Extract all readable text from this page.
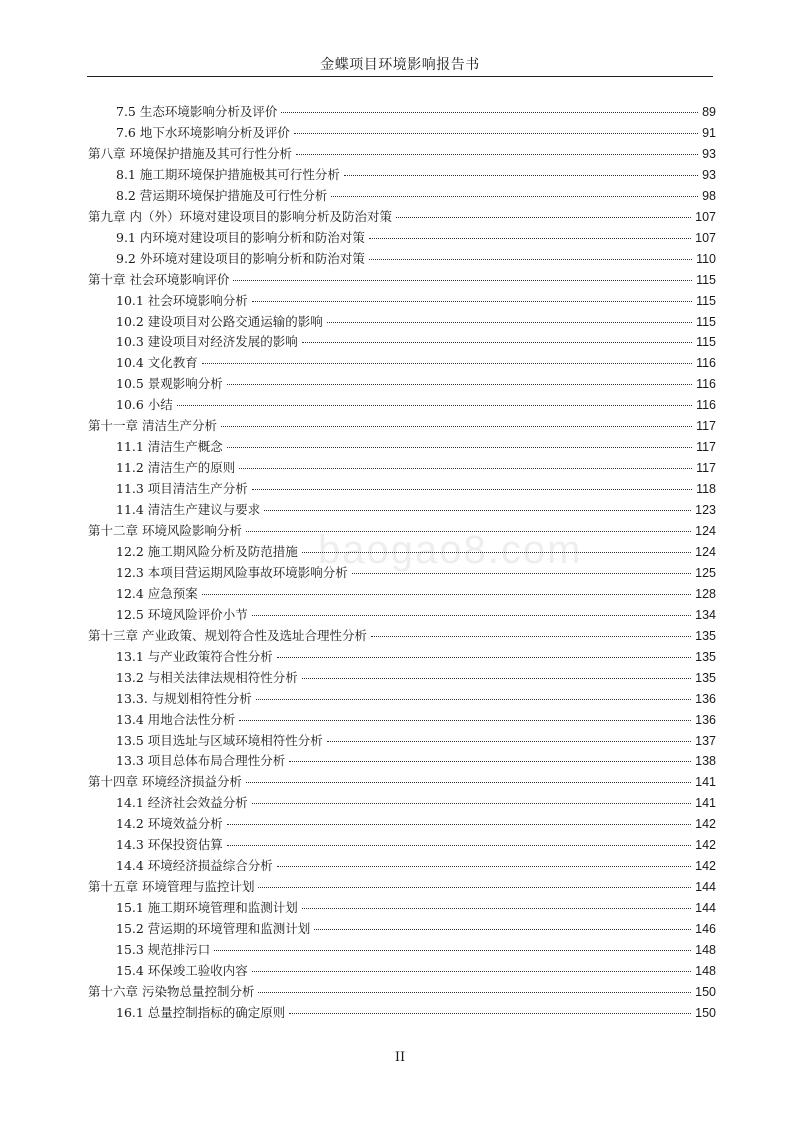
金蝶项目环境影响报告书
baogao8.com
7.5 生态环境影响分析及评价	89
7.6 地下水环境影响分析及评价	91
第八章 环境保护措施及其可行性分析	93
8.1 施工期环境保护措施极其可行性分析	93
8.2 营运期环境保护措施及可行性分析	98
第九章 内（外）环境对建设项目的影响分析及防治对策	107
9.1 内环境对建设项目的影响分析和防治对策	107
9.2 外环境对建设项目的影响分析和防治对策	110
第十章 社会环境影响评价	115
10.1 社会环境影响分析	115
10.2 建设项目对公路交通运输的影响	115
10.3 建设项目对经济发展的影响	115
10.4 文化教育	116
10.5 景观影响分析	116
10.6 小结	116
第十一章 清洁生产分析	117
11.1 清洁生产概念	117
11.2 清洁生产的原则	117
11.3 项目清洁生产分析	118
11.4 清洁生产建议与要求	123
第十二章 环境风险影响分析	124
12.2 施工期风险分析及防范措施	124
12.3 本项目营运期风险事故环境影响分析	125
12.4 应急预案	128
12.5 环境风险评价小节	134
第十三章 产业政策、规划符合性及选址合理性分析	135
13.1 与产业政策符合性分析	135
13.2 与相关法律法规相符性分析	135
13.3. 与规划相符性分析	136
13.4 用地合法性分析	136
13.5 项目选址与区域环境相符性分析	137
13.3 项目总体布局合理性分析	138
第十四章 环境经济损益分析	141
14.1 经济社会效益分析	141
14.2 环境效益分析	142
14.3 环保投资估算	142
14.4 环境经济损益综合分析	142
第十五章 环境管理与监控计划	144
15.1 施工期环境管理和监测计划	144
15.2 营运期的环境管理和监测计划	146
15.3 规范排污口	148
15.4 环保竣工验收内容	148
第十六章 污染物总量控制分析	150
16.1 总量控制指标的确定原则	150
II
